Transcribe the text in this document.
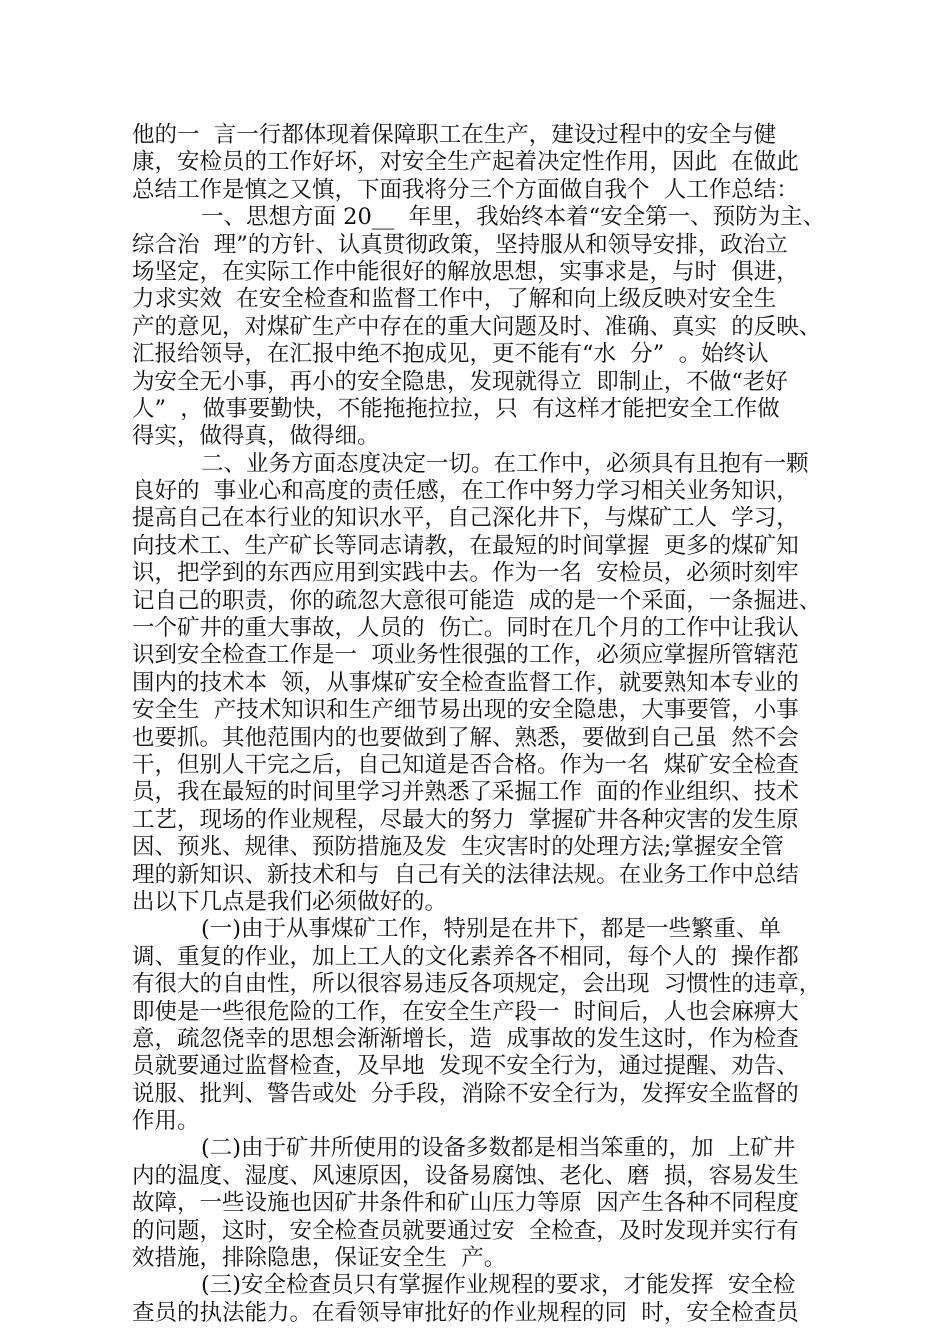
他的一  言一行都体现着保障职工在生产，建设过程中的安全与健
康，安检员的工作好坏，对安全生产起着决定性作用，因此  在做此
总结工作是慎之又慎，下面我将分三个方面做自我个  人工作总结：
一、思想方面 20__  年里，我始终本着“安全第一、预防为主、
综合治  理”的方针、认真贯彻政策，坚持服从和领导安排，政治立
场坚定，在实际工作中能很好的解放思想，实事求是，与时  俱进，
力求实效  在安全检查和监督工作中，了解和向上级反映对安全生
产的意见，对煤矿生产中存在的重大问题及时、准确、真实  的反映、
汇报给领导，在汇报中绝不抱成见，更不能有“水  分”  。始终认
为安全无小事，再小的安全隐患，发现就得立  即制止，不做“老好
人”  ，做事要勤快，不能拖拖拉拉，只  有这样才能把安全工作做
得实，做得真，做得细。
二、业务方面态度决定一切。在工作中，必须具有且抱有一颗
良好的  事业心和高度的责任感，在工作中努力学习相关业务知识，
提高自己在本行业的知识水平，自己深化井下，与煤矿工人  学习，
向技术工、生产矿长等同志请教，在最短的时间掌握  更多的煤矿知
识，把学到的东西应用到实践中去。作为一名  安检员，必须时刻牢
记自己的职责，你的疏忽大意很可能造  成的是一个采面，一条掘进、
一个矿井的重大事故，人员的  伤亡。同时在几个月的工作中让我认
识到安全检查工作是一  项业务性很强的工作，必须应掌握所管辖范
围内的技术本  领，从事煤矿安全检查监督工作，就要熟知本专业的
安全生  产技术知识和生产细节易出现的安全隐患，大事要管，小事
也要抓。其他范围内的也要做到了解、熟悉，要做到自己虽  然不会
干，但别人干完之后，自己知道是否合格。作为一名  煤矿安全检查
员，我在最短的时间里学习并熟悉了采掘工作  面的作业组织、技术
工艺，现场的作业规程，尽最大的努力  掌握矿井各种灾害的发生原
因、预兆、规律、预防措施及发  生灾害时的处理方法;掌握安全管
理的新知识、新技术和与  自己有关的法律法规。在业务工作中总结
出以下几点是我们必须做好的。
(一)由于从事煤矿工作，特别是在井下，都是一些繁重、单
调、重复的作业，加上工人的文化素养各不相同，每个人的  操作都
有很大的自由性，所以很容易违反各项规定，会出现  习惯性的违章，
即使是一些很危险的工作，在安全生产段一  时间后，人也会麻痹大
意，疏忽侥幸的思想会渐渐增长，造  成事故的发生这时，作为检查
员就要通过监督检查，及早地  发现不安全行为，通过提醒、劝告、
说服、批判、警告或处  分手段，消除不安全行为，发挥安全监督的
作用。
(二)由于矿井所使用的设备多数都是相当笨重的，加  上矿井
内的温度、湿度、风速原因，设备易腐蚀、老化、磨  损，容易发生
故障，一些设施也因矿井条件和矿山压力等原  因产生各种不同程度
的问题，这时，安全检查员就要通过安  全检查，及时发现并实行有
效措施，排除隐患，保证安全生  产。
(三)安全检查员只有掌握作业规程的要求，才能发挥  安全检
查员的执法能力。在看领导审批好的作业规程的同  时，安全检查员
